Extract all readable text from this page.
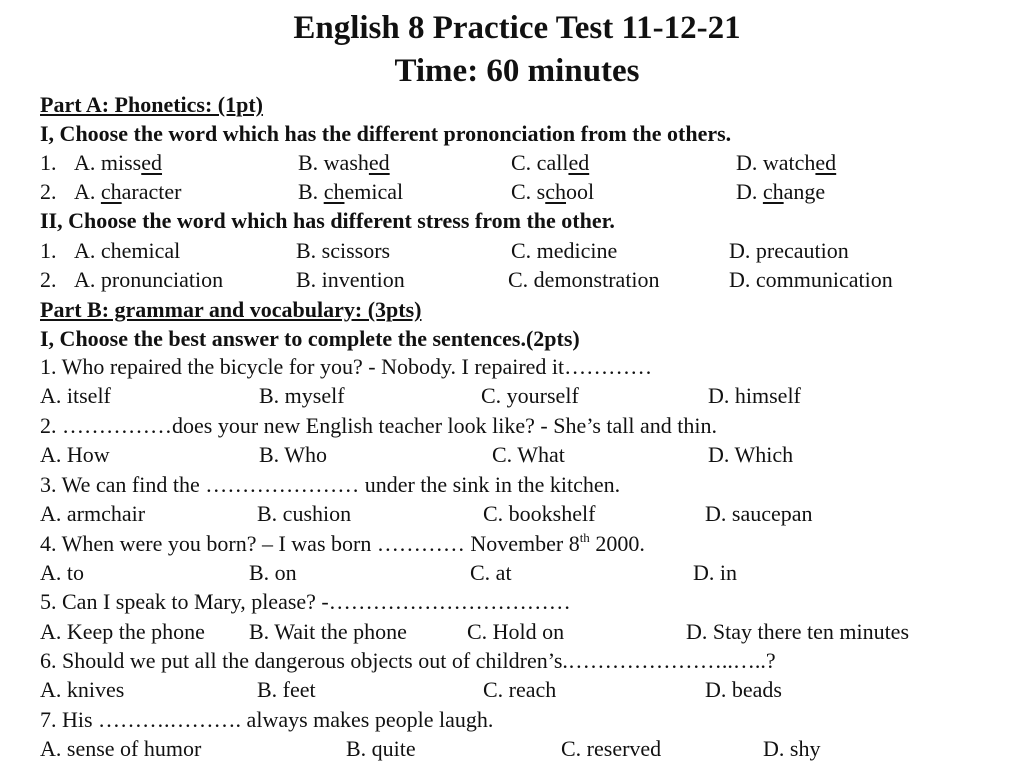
English 8 Practice Test 11-12-21
Time: 60 minutes
Part A: Phonetics: (1pt)
I, Choose the word which has the different prononciation from the others.
1. A. missed	B. washed	C. called	D. watched
2. A. character	B. chemical	C. school	D. change
II, Choose the word which has different stress from the other.
1. A. chemical	B. scissors	C. medicine	D. precaution
2. A. pronunciation	B. invention	C. demonstration	D. communication
Part B: grammar and vocabulary: (3pts)
I, Choose the best answer to complete the sentences.(2pts)
1. Who repaired the bicycle for you? - Nobody. I repaired it…………
A. itself	B. myself	C. yourself	D. himself
2. ……………does your new English teacher look like? - She’s tall and thin.
A. How	B. Who	C. What	D. Which
3. We can find the ………………… under the sink in the kitchen.
A. armchair	B. cushion	C. bookshelf	D. saucepan
4. When were you born? – I was born ………… November 8th 2000.
A. to	B. on	C. at	D. in
5. Can I speak to Mary, please? -……………………………
A. Keep the phone B. Wait the phone	C. Hold on	D. Stay there ten minutes
6. Should we put all the dangerous objects out of children’s.…………………..…..?
A. knives	B. feet	C. reach	D. beads
7. His ……….………. always makes people laugh.
A. sense of humor	B. quite	C. reserved	D. shy
